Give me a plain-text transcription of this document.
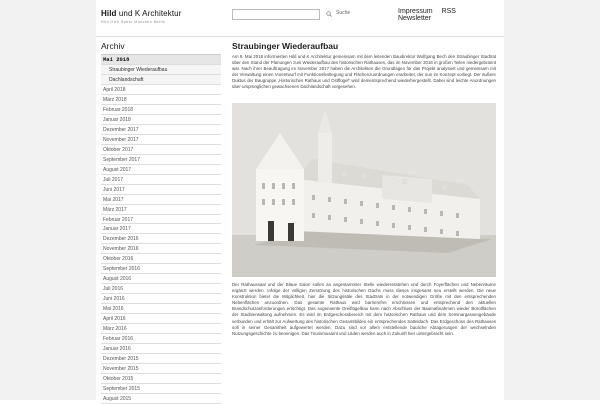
Hild und K Architektur
Hild Orth Huber München Berlin
Suche	Impressum RSS Newsletter
Archiv
Mai 2018
Straubinger Wiederaufbau
Dachlandschaft
April 2018
März 2018
Februar 2018
Januar 2018
Dezember 2017
November 2017
Oktober 2017
September 2017
August 2017
Juli 2017
Juni 2017
Mai 2017
März 2017
Februar 2017
Januar 2017
Dezember 2016
November 2016
Oktober 2016
September 2016
August 2016
Juli 2016
Juni 2016
Mai 2016
April 2016
März 2016
Februar 2016
Januar 2016
Dezember 2015
November 2015
Oktober 2015
September 2015
August 2015
Straubinger Wiederaufbau

Am 9. Mai 2018 informierten Hild und K Architektur gemeinsam mit dem leitenden Baudirektor Wolfgang Bech den Straubinger Stadtrat über den Stand der Planungen zum Wiederaufbau des historischen Rathauses, das im November 2016 in großen Teilen niedergebrannt war. Nach ihrer Beauftragung im November 2017 haben die Architekten die Grundlagen für das Projekt analysiert und gemeinsam mit der Verwaltung einen Vorentwurf mit Funktionsfestlegung und Flächenzuordnungen erarbeitet, der nun im Konzept vorliegt. Der äußere Duktus der Baugruppe „Historisches Rathaus und Ostflügel“ wird dementsprechend wiederhergestellt. Dabei sind leichte Anordnungen über ursprünglichen gewachsenen Dachlandschaft vorgesehen.

Der Rathaussaal und der Blaue Salon sollen an angestammter Stelle wiederentstehen und durch Foyerflächen und Nebenräume ergänzt werden. Infolge der völligen Zerstörung des historischen Dachs muss dieses insgesamt neu erstellt werden. Die neue Konstruktion bietet die Möglichkeit, hier die Sitzungssäle des Stadtrats in der notwendigen Größe mit den entsprechenden Nebenflächen anzuordnen. Das gesamte Rathaus wird barrierefrei erschlossen und entsprechend den aktuellen Brandschutzanforderungen ertüchtigt. Das sogenannte Dreiflügelbau kann nach Abschluss der Baumaßnahmen wieder Bürotflächen der Stadtverwaltung aufnehmen. Es wird im Erdgeschossbereich mit dem historischen Rathaus und dem Seminargassengebäude verbunden und erhält zur Aufwertung des historischen Gesamtbildes ein entsprechendes Satteldach. Das Erdgeschoss des Rathauses soll in seiner Gesamtheit aufgewertet werden. Dazu sind vor allem entstellende bauliche Abtagerungen der wechselnden Nutzungsgeschichte zu bereinigen. Das Tourismusamt und Läden werden auch in Zukunft hier untergebracht sein.
